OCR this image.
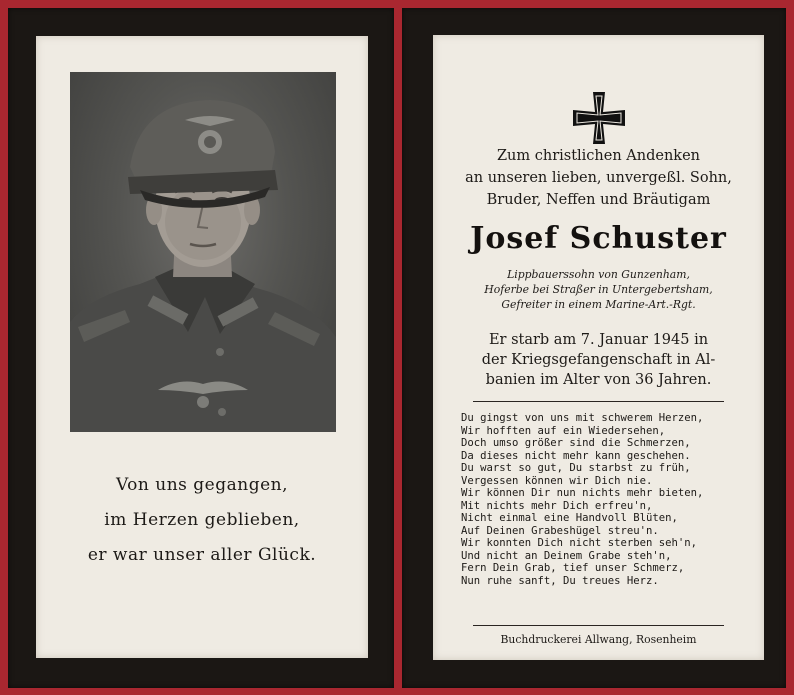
Von uns gegangen,
im Herzen geblieben,
er war unser aller Glück.
Zum christlichen Andenken
an unseren lieben, unvergeßl. Sohn,
Bruder, Neffen und Bräutigam
Josef Schuster
Lippbauerssohn von Gunzenham,
Hoferbe bei Straßer in Untergebertsham,
Gefreiter in einem Marine-Art.-Rgt.
Er starb am 7. Januar 1945 in
der Kriegsgefangenschaft in Al-
banien im Alter von 36 Jahren.
Du gingst von uns mit schwerem Herzen,
Wir hofften auf ein Wiedersehen,
Doch umso größer sind die Schmerzen,
Da dieses nicht mehr kann geschehen.
Du warst so gut, Du starbst zu früh,
Vergessen können wir Dich nie.
Wir können Dir nun nichts mehr bieten,
Mit nichts mehr Dich erfreu'n,
Nicht einmal eine Handvoll Blüten,
Auf Deinen Grabeshügel streu'n.
Wir konnten Dich nicht sterben seh'n,
Und nicht an Deinem Grabe steh'n,
Fern Dein Grab, tief unser Schmerz,
Nun ruhe sanft, Du treues Herz.
Buchdruckerei Allwang, Rosenheim
